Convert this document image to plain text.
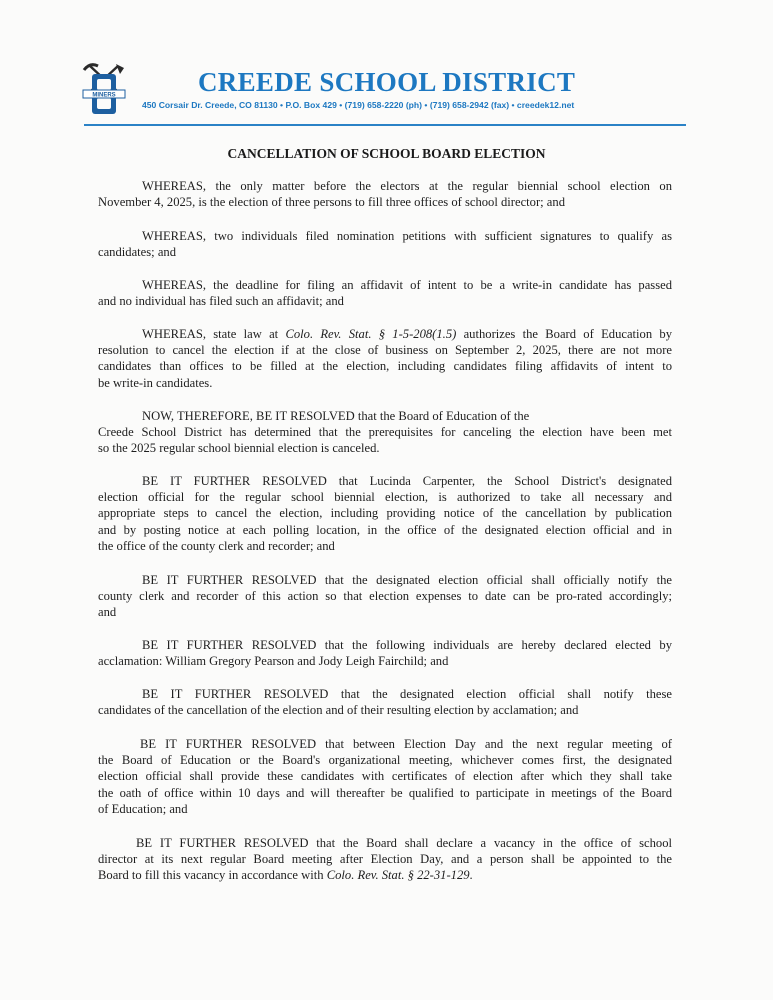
MINERS	CREEDE SCHOOL DISTRICT
450 Corsair Dr. Creede, CO 81130 • P.O. Box 429 • (719) 658-2220 (ph) • (719) 658-2942 (fax) • creedek12.net
CANCELLATION OF SCHOOL BOARD ELECTION
WHEREAS, the only matter before the electors at the regular biennial school election on
November 4, 2025, is the election of three persons to fill three offices of school director; and
WHEREAS, two individuals filed nomination petitions with sufficient signatures to qualify as
candidates; and
WHEREAS, the deadline for filing an affidavit of intent to be a write-in candidate has passed
and no individual has filed such an affidavit; and
WHEREAS, state law at Colo. Rev. Stat. § 1-5-208(1.5) authorizes the Board of Education by
resolution to cancel the election if at the close of business on September 2, 2025, there are not more
candidates than offices to be filled at the election, including candidates filing affidavits of intent to
be write-in candidates.
NOW, THEREFORE, BE IT RESOLVED that the Board of Education of the
Creede School District has determined that the prerequisites for canceling the election have been met
so the 2025 regular school biennial election is canceled.
BE IT FURTHER RESOLVED that Lucinda Carpenter, the School District's designated
election official for the regular school biennial election, is authorized to take all necessary and
appropriate steps to cancel the election, including providing notice of the cancellation by publication
and by posting notice at each polling location, in the office of the designated election official and in
the office of the county clerk and recorder; and
BE IT FURTHER RESOLVED that the designated election official shall officially notify the
county clerk and recorder of this action so that election expenses to date can be pro-rated accordingly;
and
BE IT FURTHER RESOLVED that the following individuals are hereby declared elected by
acclamation: William Gregory Pearson and Jody Leigh Fairchild; and
BE IT FURTHER RESOLVED that the designated election official shall notify these
candidates of the cancellation of the election and of their resulting election by acclamation; and
BE IT FURTHER RESOLVED that between Election Day and the next regular meeting of
the Board of Education or the Board's organizational meeting, whichever comes first, the designated
election official shall provide these candidates with certificates of election after which they shall take
the oath of office within 10 days and will thereafter be qualified to participate in meetings of the Board
of Education; and
BE IT FURTHER RESOLVED that the Board shall declare a vacancy in the office of school
director at its next regular Board meeting after Election Day, and a person shall be appointed to the
Board to fill this vacancy in accordance with Colo. Rev. Stat. § 22-31-129.
